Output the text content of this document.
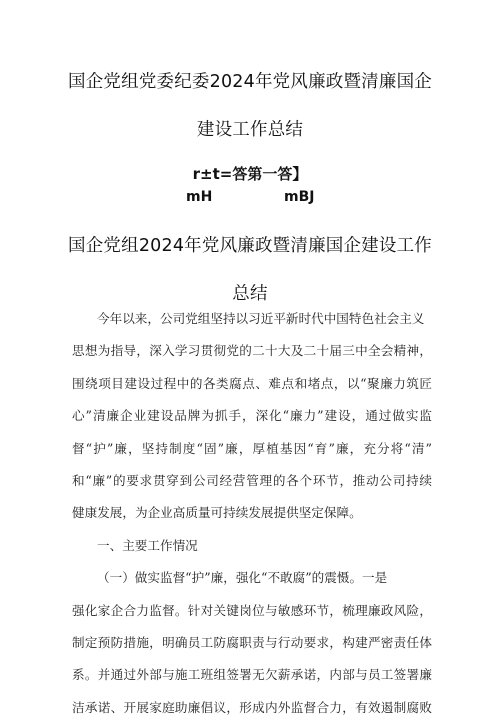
国企党组党委纪委2024年党风廉政暨清廉国企
建设工作总结
r±t=答第一答】
mH	mBJ
国企党组2024年党风廉政暨清廉国企建设工作
总结
今年以来，公司党组坚持以习近平新时代中国特色社会主义
思想为指导，深入学习贯彻党的二十大及二十届三中全会精神，
围绕项目建设过程中的各类腐点、难点和堵点，以“聚廉力筑匠
心”清廉企业建设品牌为抓手，深化“廉力”建设，通过做实监
督“护”廉，坚持制度“固”廉，厚植基因“育”廉，充分将“清”
和“廉”的要求贯穿到公司经营管理的各个环节，推动公司持续
健康发展，为企业高质量可持续发展提供坚定保障。
一、主要工作情况
（一）做实监督“护”廉，强化“不敢腐”的震慑。一是
强化家企合力监督。针对关键岗位与敏感环节，梳理廉政风险，
制定预防措施，明确员工防腐职责与行动要求，构建严密责任体
系。并通过外部与施工班组签署无欠薪承诺，内部与员工签署廉
洁承诺、开展家庭助廉倡议，形成内外监督合力，有效遏制腐败
